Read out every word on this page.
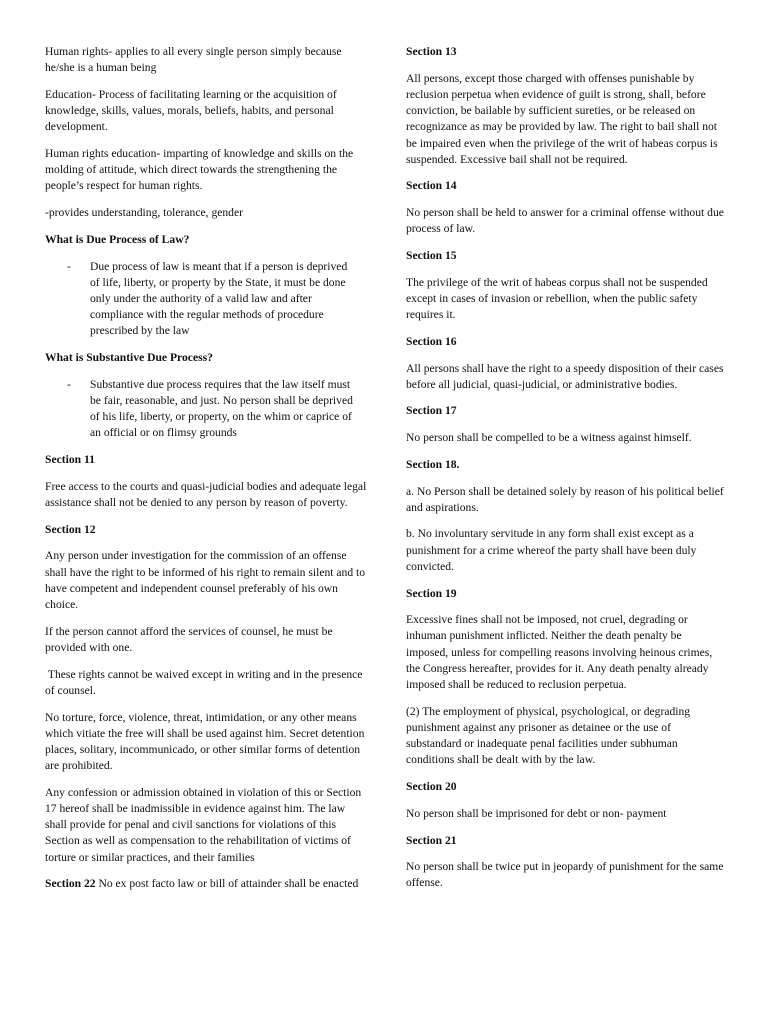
Human rights- applies to all every single person simply because he/she is a human being

Education- Process of facilitating learning or the acquisition of knowledge, skills, values, morals, beliefs, habits, and personal development.

Human rights education- imparting of knowledge and skills on the molding of attitude, which direct towards the strengthening the people’s respect for human rights.

-provides understanding, tolerance, gender

What is Due Process of Law?

- Due process of law is meant that if a person is deprived of life, liberty, or property by the State, it must be done only under the authority of a valid law and after compliance with the regular methods of procedure prescribed by the law

What is Substantive Due Process?

- Substantive due process requires that the law itself must be fair, reasonable, and just. No person shall be deprived of his life, liberty, or property, on the whim or caprice of an official or on flimsy grounds

Section 11

Free access to the courts and quasi-judicial bodies and adequate legal assistance shall not be denied to any person by reason of poverty.

Section 12

Any person under investigation for the commission of an offense shall have the right to be informed of his right to remain silent and to have competent and independent counsel preferably of his own choice.

If the person cannot afford the services of counsel, he must be provided with one.

These rights cannot be waived except in writing and in the presence of counsel.

No torture, force, violence, threat, intimidation, or any other means which vitiate the free will shall be used against him. Secret detention places, solitary, incommunicado, or other similar forms of detention are prohibited.

Any confession or admission obtained in violation of this or Section 17 hereof shall be inadmissible in evidence against him. The law shall provide for penal and civil sanctions for violations of this Section as well as compensation to the rehabilitation of victims of torture or similar practices, and their families

Section 22 No ex post facto law or bill of attainder shall be enacted

Section 13

All persons, except those charged with offenses punishable by reclusion perpetua when evidence of guilt is strong, shall, before conviction, be bailable by sufficient sureties, or be released on recognizance as may be provided by law. The right to bail shall not be impaired even when the privilege of the writ of habeas corpus is suspended. Excessive bail shall not be required.

Section 14

No person shall be held to answer for a criminal offense without due process of law.

Section 15

The privilege of the writ of habeas corpus shall not be suspended except in cases of invasion or rebellion, when the public safety requires it.

Section 16

All persons shall have the right to a speedy disposition of their cases before all judicial, quasi-judicial, or administrative bodies.

Section 17

No person shall be compelled to be a witness against himself.

Section 18.

a. No Person shall be detained solely by reason of his political belief and aspirations.

b. No involuntary servitude in any form shall exist except as a punishment for a crime whereof the party shall have been duly convicted.

Section 19

Excessive fines shall not be imposed, not cruel, degrading or inhuman punishment inflicted. Neither the death penalty be imposed, unless for compelling reasons involving heinous crimes, the Congress hereafter, provides for it. Any death penalty already imposed shall be reduced to reclusion perpetua.

(2) The employment of physical, psychological, or degrading punishment against any prisoner as detainee or the use of substandard or inadequate penal facilities under subhuman conditions shall be dealt with by the law.

Section 20

No person shall be imprisoned for debt or non- payment

Section 21

No person shall be twice put in jeopardy of punishment for the same offense.
